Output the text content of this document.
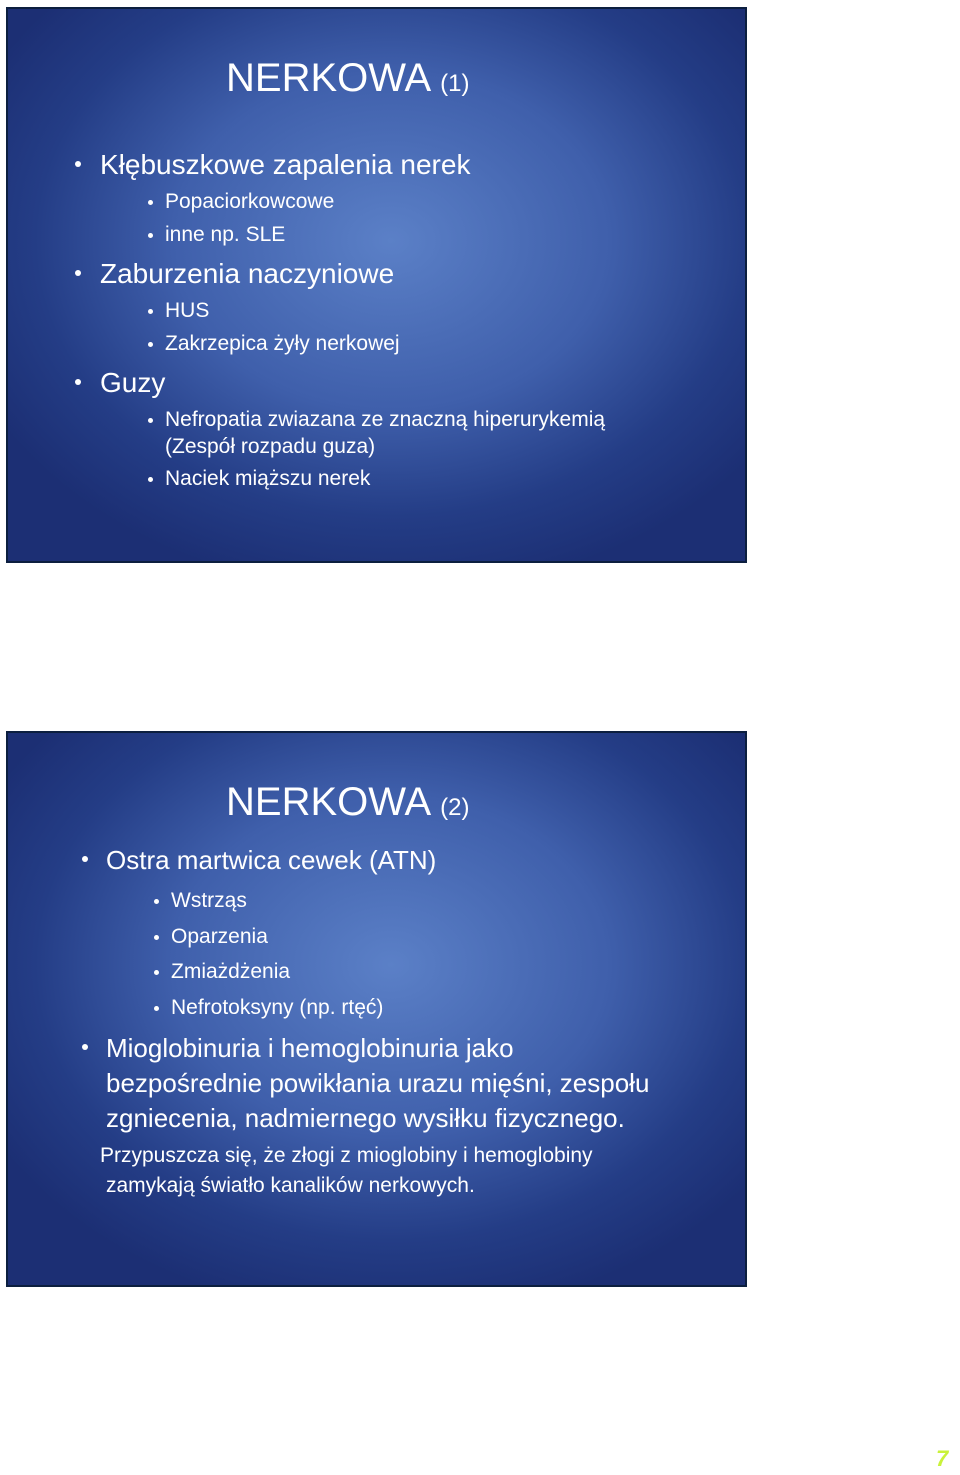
NERKOWA (1)
Kłębuszkowe zapalenia nerek
Popaciorkowcowe
inne np. SLE
Zaburzenia naczyniowe
HUS
Zakrzepica żyły nerkowej
Guzy
Nefropatia zwiazana ze znaczną hiperurykemią
(Zespół rozpadu guza)
Naciek miąższu nerek
NERKOWA (2)
Ostra martwica cewek (ATN)
Wstrząs
Oparzenia
Zmiażdżenia
Nefrotoksyny (np. rtęć)
Mioglobinuria i hemoglobinuria jako
bezpośrednie powikłania urazu mięśni, zespołu
zgniecenia, nadmiernego wysiłku fizycznego.
Przypuszcza się, że złogi z mioglobiny i hemoglobiny
zamykają światło kanalików nerkowych.
7
